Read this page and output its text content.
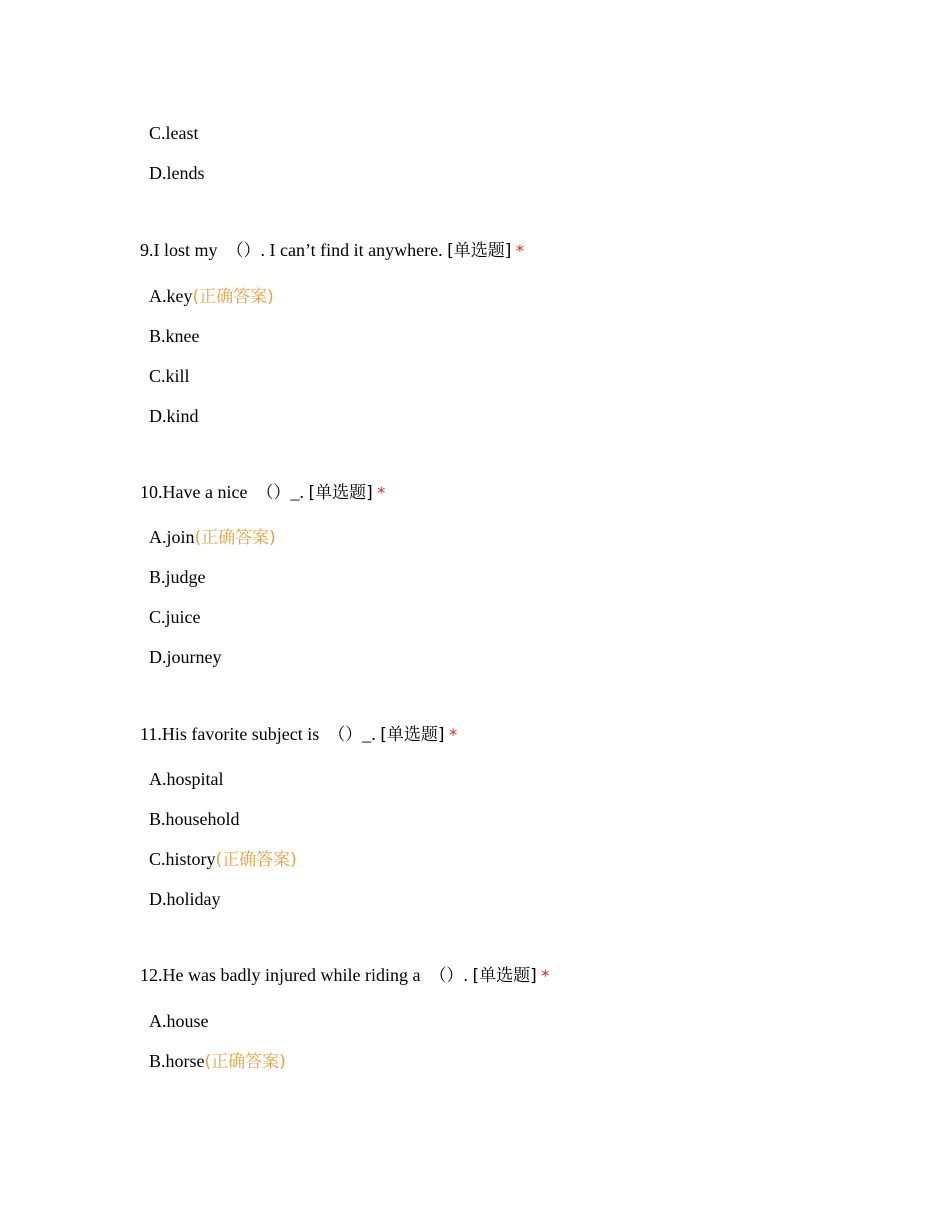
C.least
D.lends
9.I lost my  （）. I can’t find it anywhere. [单选题] *
A.key(正确答案)
B.knee
C.kill
D.kind
10.Have a nice  （）_. [单选题] *
A.join(正确答案)
B.judge
C.juice
D.journey
11.His favorite subject is  （）_. [单选题] *
A.hospital
B.household
C.history(正确答案)
D.holiday
12.He was badly injured while riding a  （）. [单选题] *
A.house
B.horse(正确答案)
